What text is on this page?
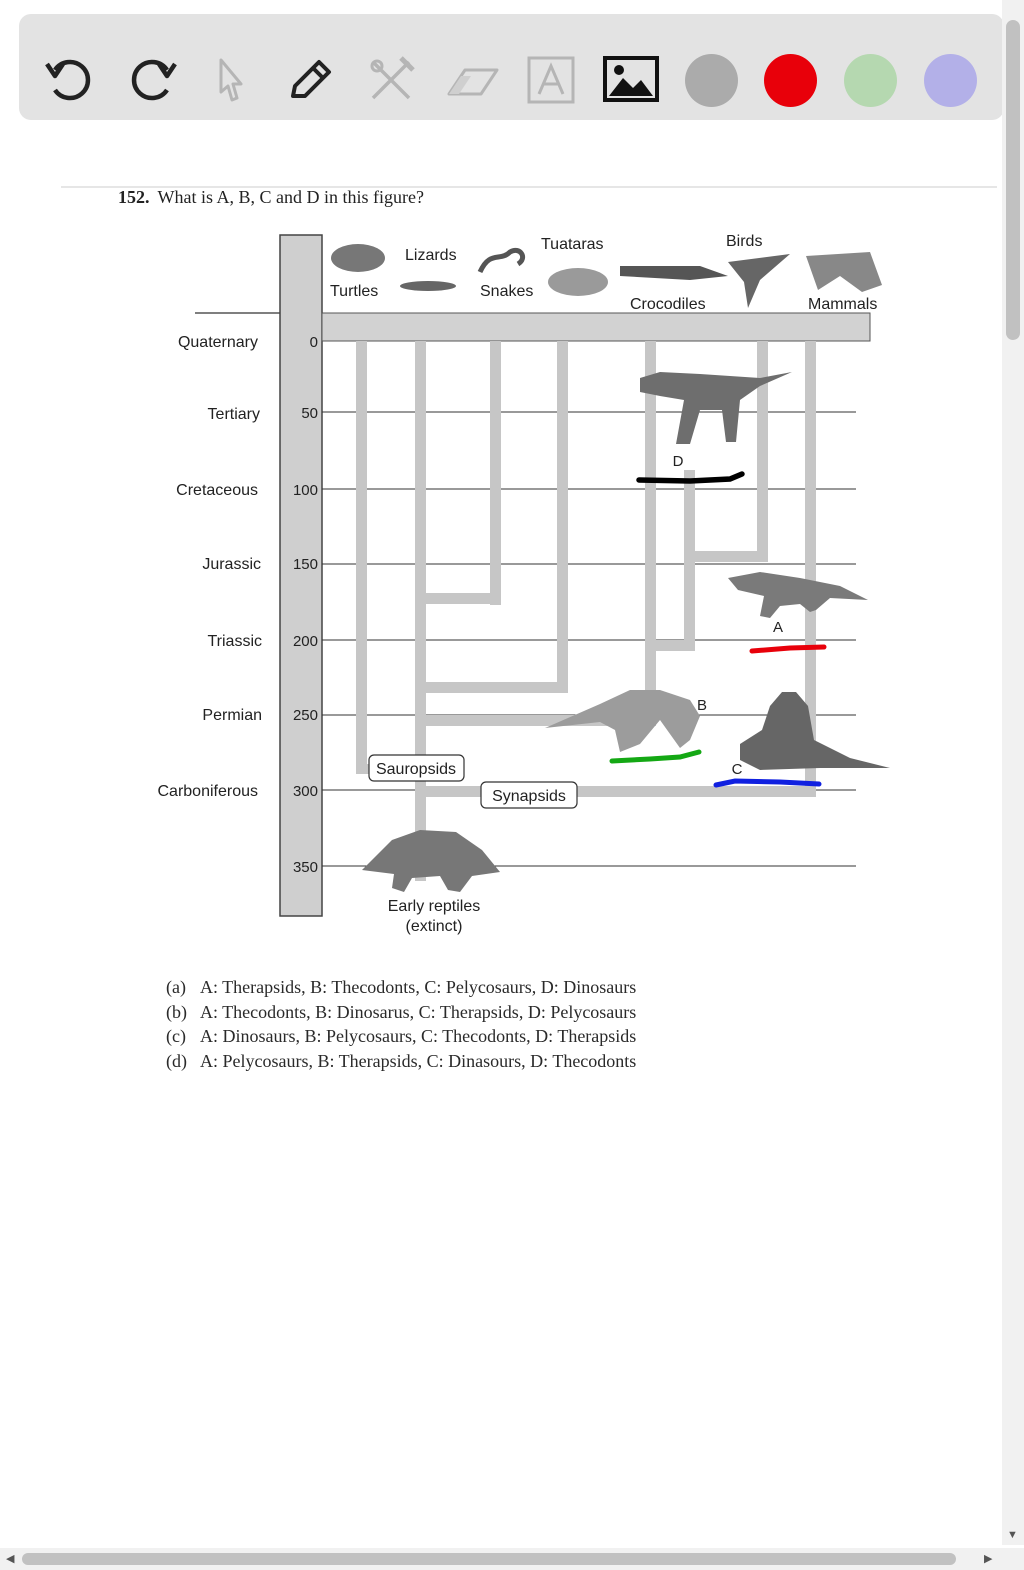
152. What is A, B, C and D in this figure?
Quaternary
Tertiary
Cretaceous
Jurassic
Triassic
Permian
Carboniferous
0
50
100
150
200
250
300
350
Turtles
Lizards
Snakes
Tuataras
Crocodiles
Birds
Mammals
Sauropsids
Synapsids
Early reptiles
(extinct)
D
A
B
C
(a) A: Therapsids, B: Thecodonts, C: Pelycosaurs, D: Dinosaurs
(b) A: Thecodonts, B: Dinosarus, C: Therapsids, D: Pelycosaurs
(c) A: Dinosaurs, B: Pelycosaurs, C: Thecodonts, D: Therapsids
(d) A: Pelycosaurs, B: Therapsids, C: Dinasours, D: Thecodonts
▼
◀	▶
